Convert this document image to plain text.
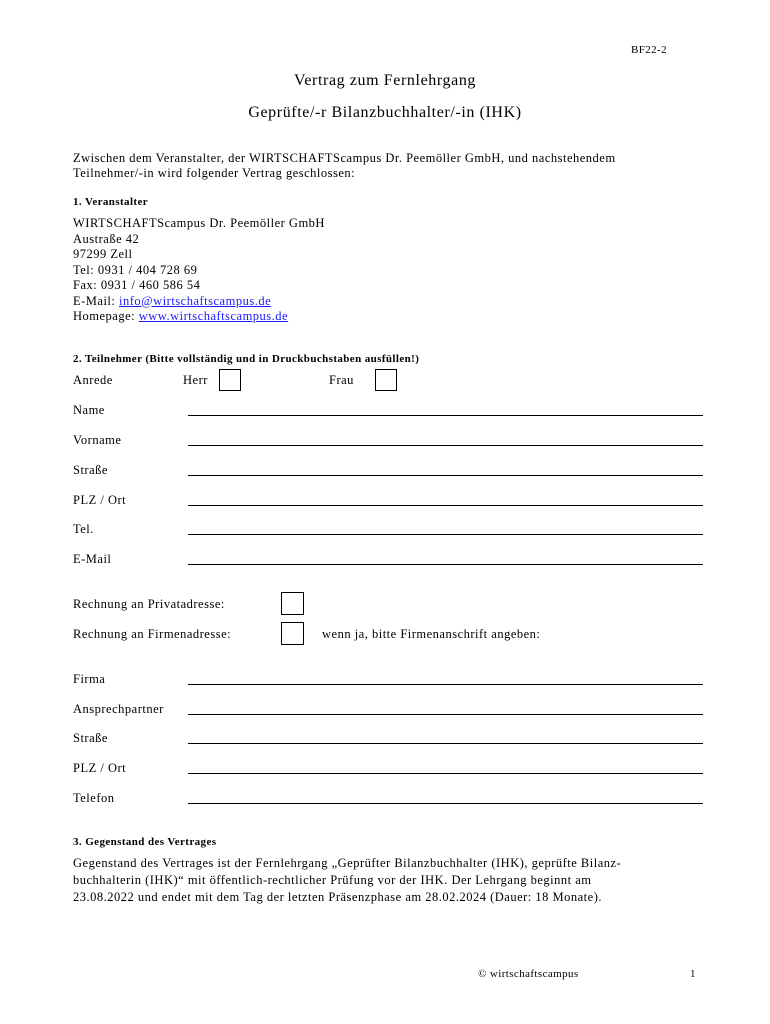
BF22-2
Vertrag zum Fernlehrgang
Geprüfte/-r Bilanzbuchhalter/-in (IHK)
Zwischen dem Veranstalter, der WIRTSCHAFTScampus Dr. Peemöller GmbH, und nachstehendem
Teilnehmer/-in wird folgender Vertrag geschlossen:
1. Veranstalter
WIRTSCHAFTScampus Dr. Peemöller GmbH
Austraße 42
97299 Zell
Tel: 0931 / 404 728 69
Fax: 0931 / 460 586 54
E-Mail: info@wirtschaftscampus.de
Homepage: www.wirtschaftscampus.de
2. Teilnehmer (Bitte vollständig und in Druckbuchstaben ausfüllen!)
Anrede	Herr	Frau
Name
Vorname
Straße
PLZ / Ort
Tel.
E-Mail
Rechnung an Privatadresse:
Rechnung an Firmenadresse:	wenn ja, bitte Firmenanschrift angeben:
Firma
Ansprechpartner
Straße
PLZ / Ort
Telefon
3. Gegenstand des Vertrages
Gegenstand des Vertrages ist der Fernlehrgang „Geprüfter Bilanzbuchhalter (IHK), geprüfte Bilanz-
buchhalterin (IHK)“ mit öffentlich-rechtlicher Prüfung vor der IHK. Der Lehrgang beginnt am
23.08.2022 und endet mit dem Tag der letzten Präsenzphase am 28.02.2024 (Dauer: 18 Monate).
© wirtschaftscampus	1
